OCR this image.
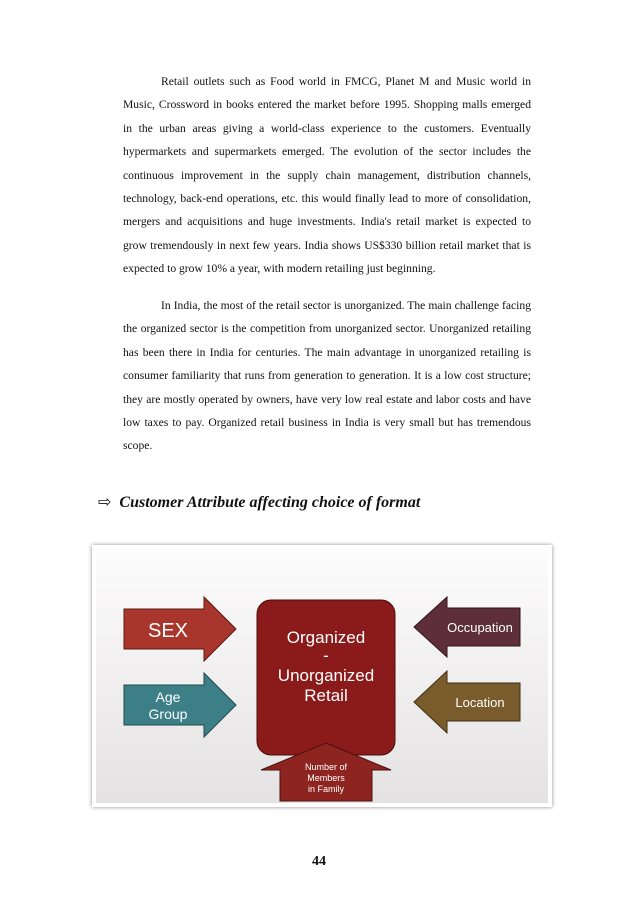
Retail outlets such as Food world in FMCG, Planet M and Music world in Music, Crossword in books entered the market before 1995. Shopping malls emerged in the urban areas giving a world-class experience to the customers. Eventually hypermarkets and supermarkets emerged. The evolution of the sector includes the continuous improvement in the supply chain management, distribution channels, technology, back-end operations, etc. this would finally lead to more of consolidation, mergers and acquisitions and huge investments. India's retail market is expected to grow tremendously in next few years. India shows US$330 billion retail market that is expected to grow 10% a year, with modern retailing just beginning.

In India, the most of the retail sector is unorganized. The main challenge facing the organized sector is the competition from unorganized sector. Unorganized retailing has been there in India for centuries. The main advantage in unorganized retailing is consumer familiarity that runs from generation to generation. It is a low cost structure; they are mostly operated by owners, have very low real estate and labor costs and have low taxes to pay. Organized retail business in India is very small but has tremendous scope.

⇨ Customer Attribute affecting choice of format
SEX
Age
Group
Organized
-
Unorganized
Retail
Occupation
Location
Number of
Members
in Family
44
